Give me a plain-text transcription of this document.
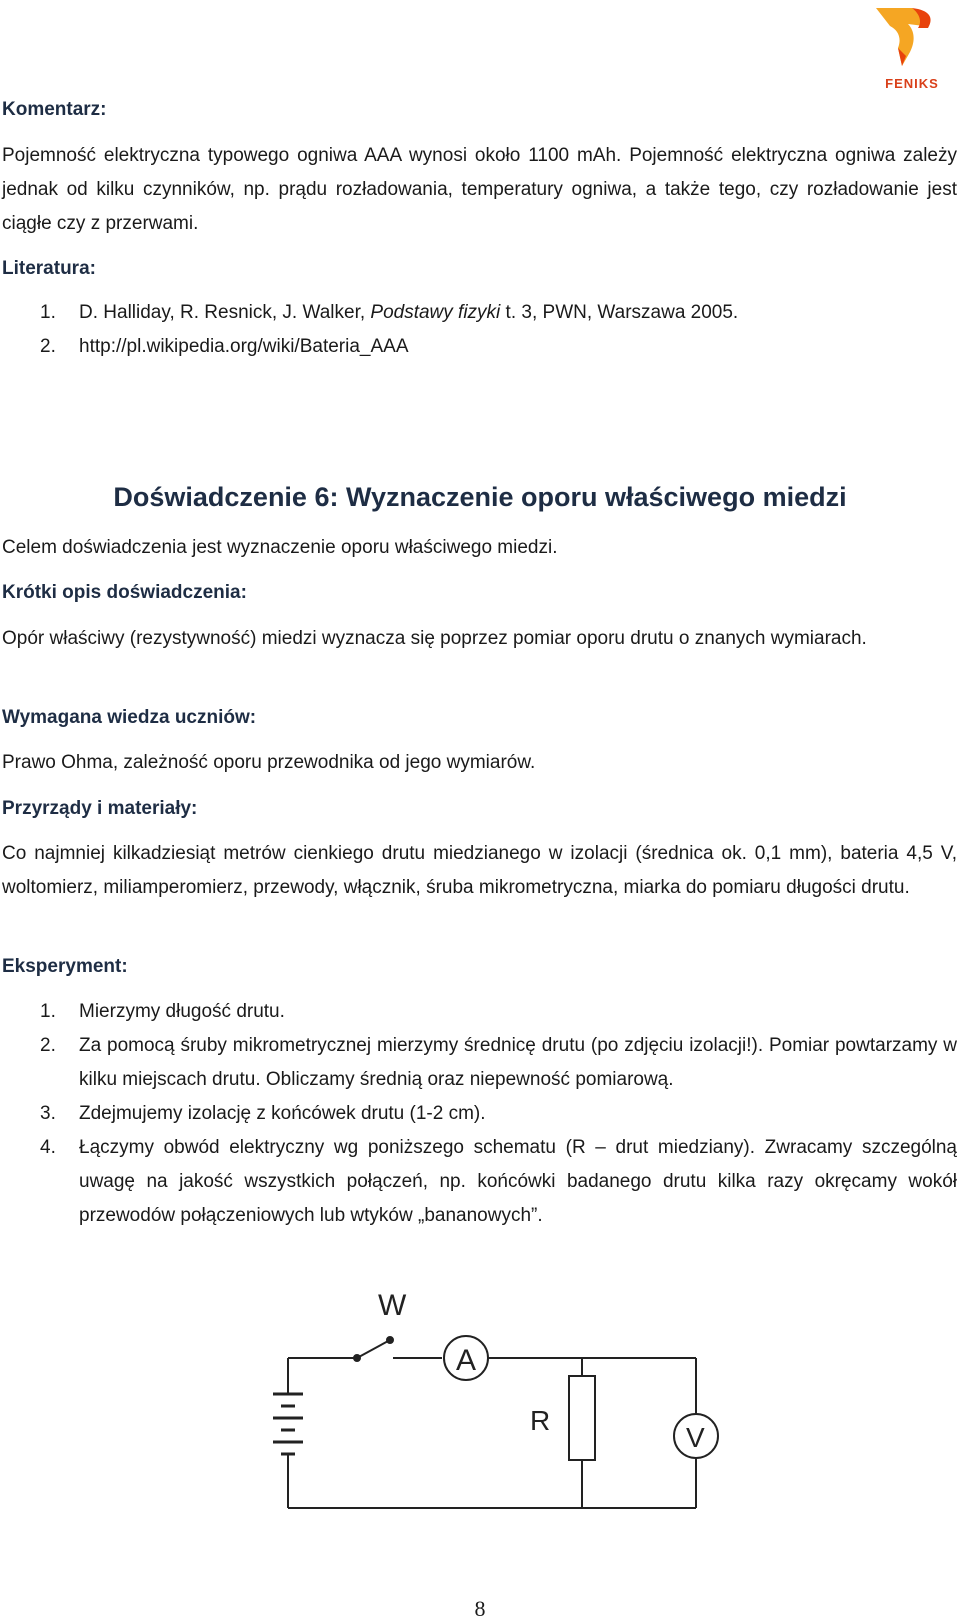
FENIKS
Komentarz:
Pojemność elektryczna typowego ogniwa AAA wynosi około 1100 mAh. Pojemność elektryczna ogniwa zależy jednak od kilku czynników, np. prądu rozładowania, temperatury ogniwa, a także tego, czy rozładowanie jest ciągłe czy z przerwami.
Literatura:
1. D. Halliday, R. Resnick, J. Walker, Podstawy fizyki t. 3, PWN, Warszawa 2005.
2. http://pl.wikipedia.org/wiki/Bateria_AAA
Doświadczenie 6: Wyznaczenie oporu właściwego miedzi
Celem doświadczenia jest wyznaczenie oporu właściwego miedzi.
Krótki opis doświadczenia:
Opór właściwy (rezystywność) miedzi wyznacza się poprzez pomiar oporu drutu o znanych wymiarach.
Wymagana wiedza uczniów:
Prawo Ohma, zależność oporu przewodnika od jego wymiarów.
Przyrządy i materiały:
Co najmniej kilkadziesiąt metrów cienkiego drutu miedzianego w izolacji (średnica ok. 0,1 mm), bateria 4,5 V, woltomierz, miliamperomierz, przewody, włącznik, śruba mikrometryczna, miarka do pomiaru długości drutu.
Eksperyment:
1. Mierzymy długość drutu.
2. Za pomocą śruby mikrometrycznej mierzymy średnicę drutu (po zdjęciu izolacji!). Pomiar powtarzamy w kilku miejscach drutu. Obliczamy średnią oraz niepewność pomiarową.
3. Zdejmujemy izolację z końcówek drutu (1-2 cm).
4. Łączymy obwód elektryczny wg poniższego schematu (R – drut miedziany). Zwracamy szczególną uwagę na jakość wszystkich połączeń, np. końcówki badanego drutu kilka razy okręcamy wokół przewodów połączeniowych lub wtyków „bananowych”.
W
A
V
R
8
